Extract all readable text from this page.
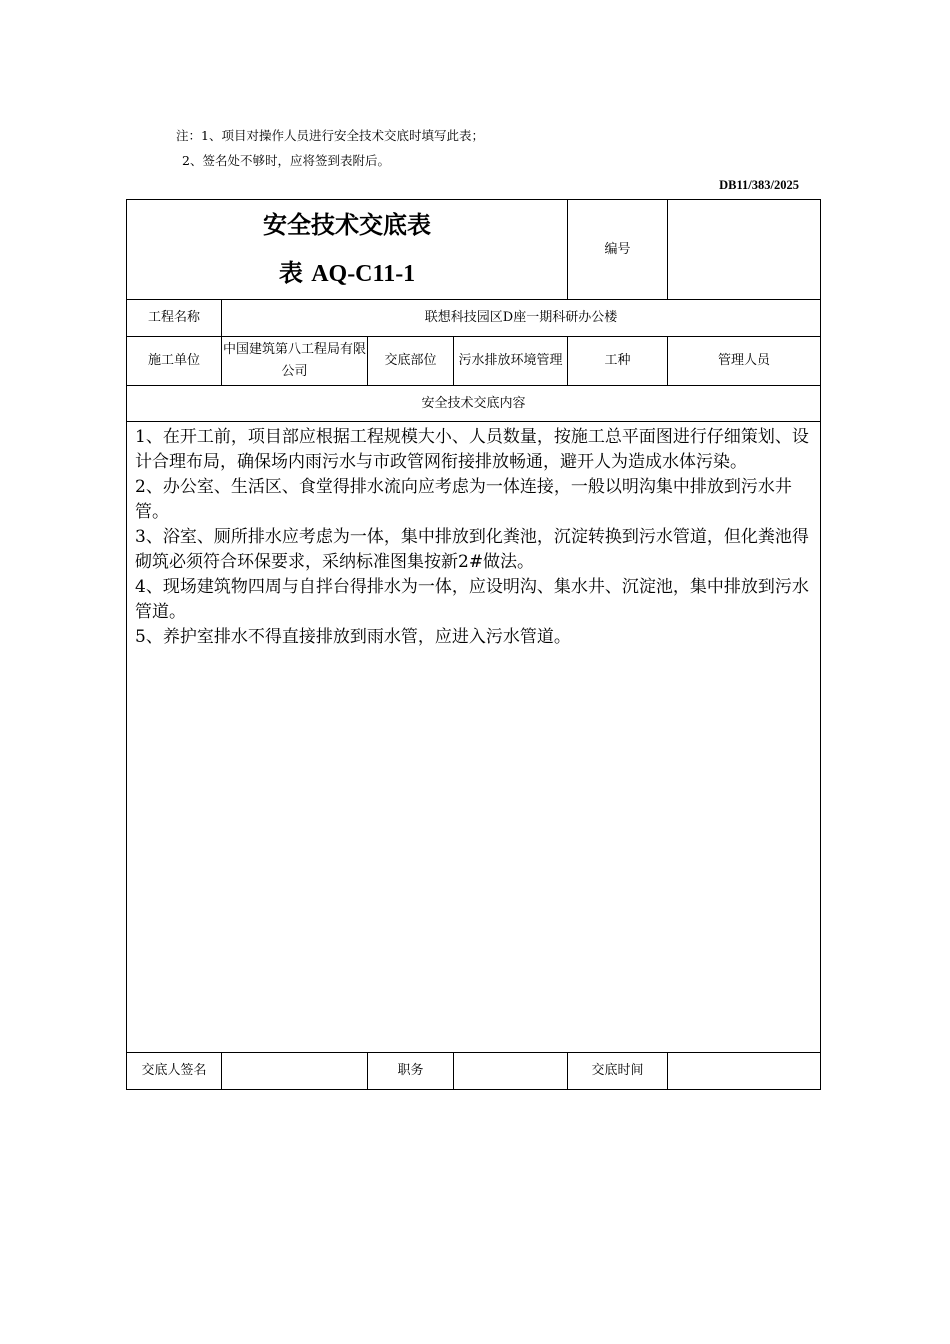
注：1、项目对操作人员进行安全技术交底时填写此表；
2、签名处不够时，应将签到表附后。
DB11/383/2025
安全技术交底表
表 AQ-C11-1				编号	
工程名称	联想科技园区D座一期科研办公楼				
施工单位	中国建筑第八工程局有限公司	交底部位	污水排放环境管理	工种	管理人员
安全技术交底内容					

1、在开工前，项目部应根据工程规模大小、人员数量，按施工总平面图进行仔细策划、设计合理布局，确保场内雨污水与市政管网衔接排放畅通，避开人为造成水体污染。

2、办公室、生活区、食堂得排水流向应考虑为一体连接，一般以明沟集中排放到污水井管。

3、浴室、厕所排水应考虑为一体，集中排放到化粪池，沉淀转换到污水管道，但化粪池得砌筑必须符合环保要求，采纳标准图集按新2#做法。

4、现场建筑物四周与自拌台得排水为一体，应设明沟、集水井、沉淀池，集中排放到污水管道。

5、养护室排水不得直接排放到雨水管，应进入污水管道。					

交底人签名		职务		交底时间	
